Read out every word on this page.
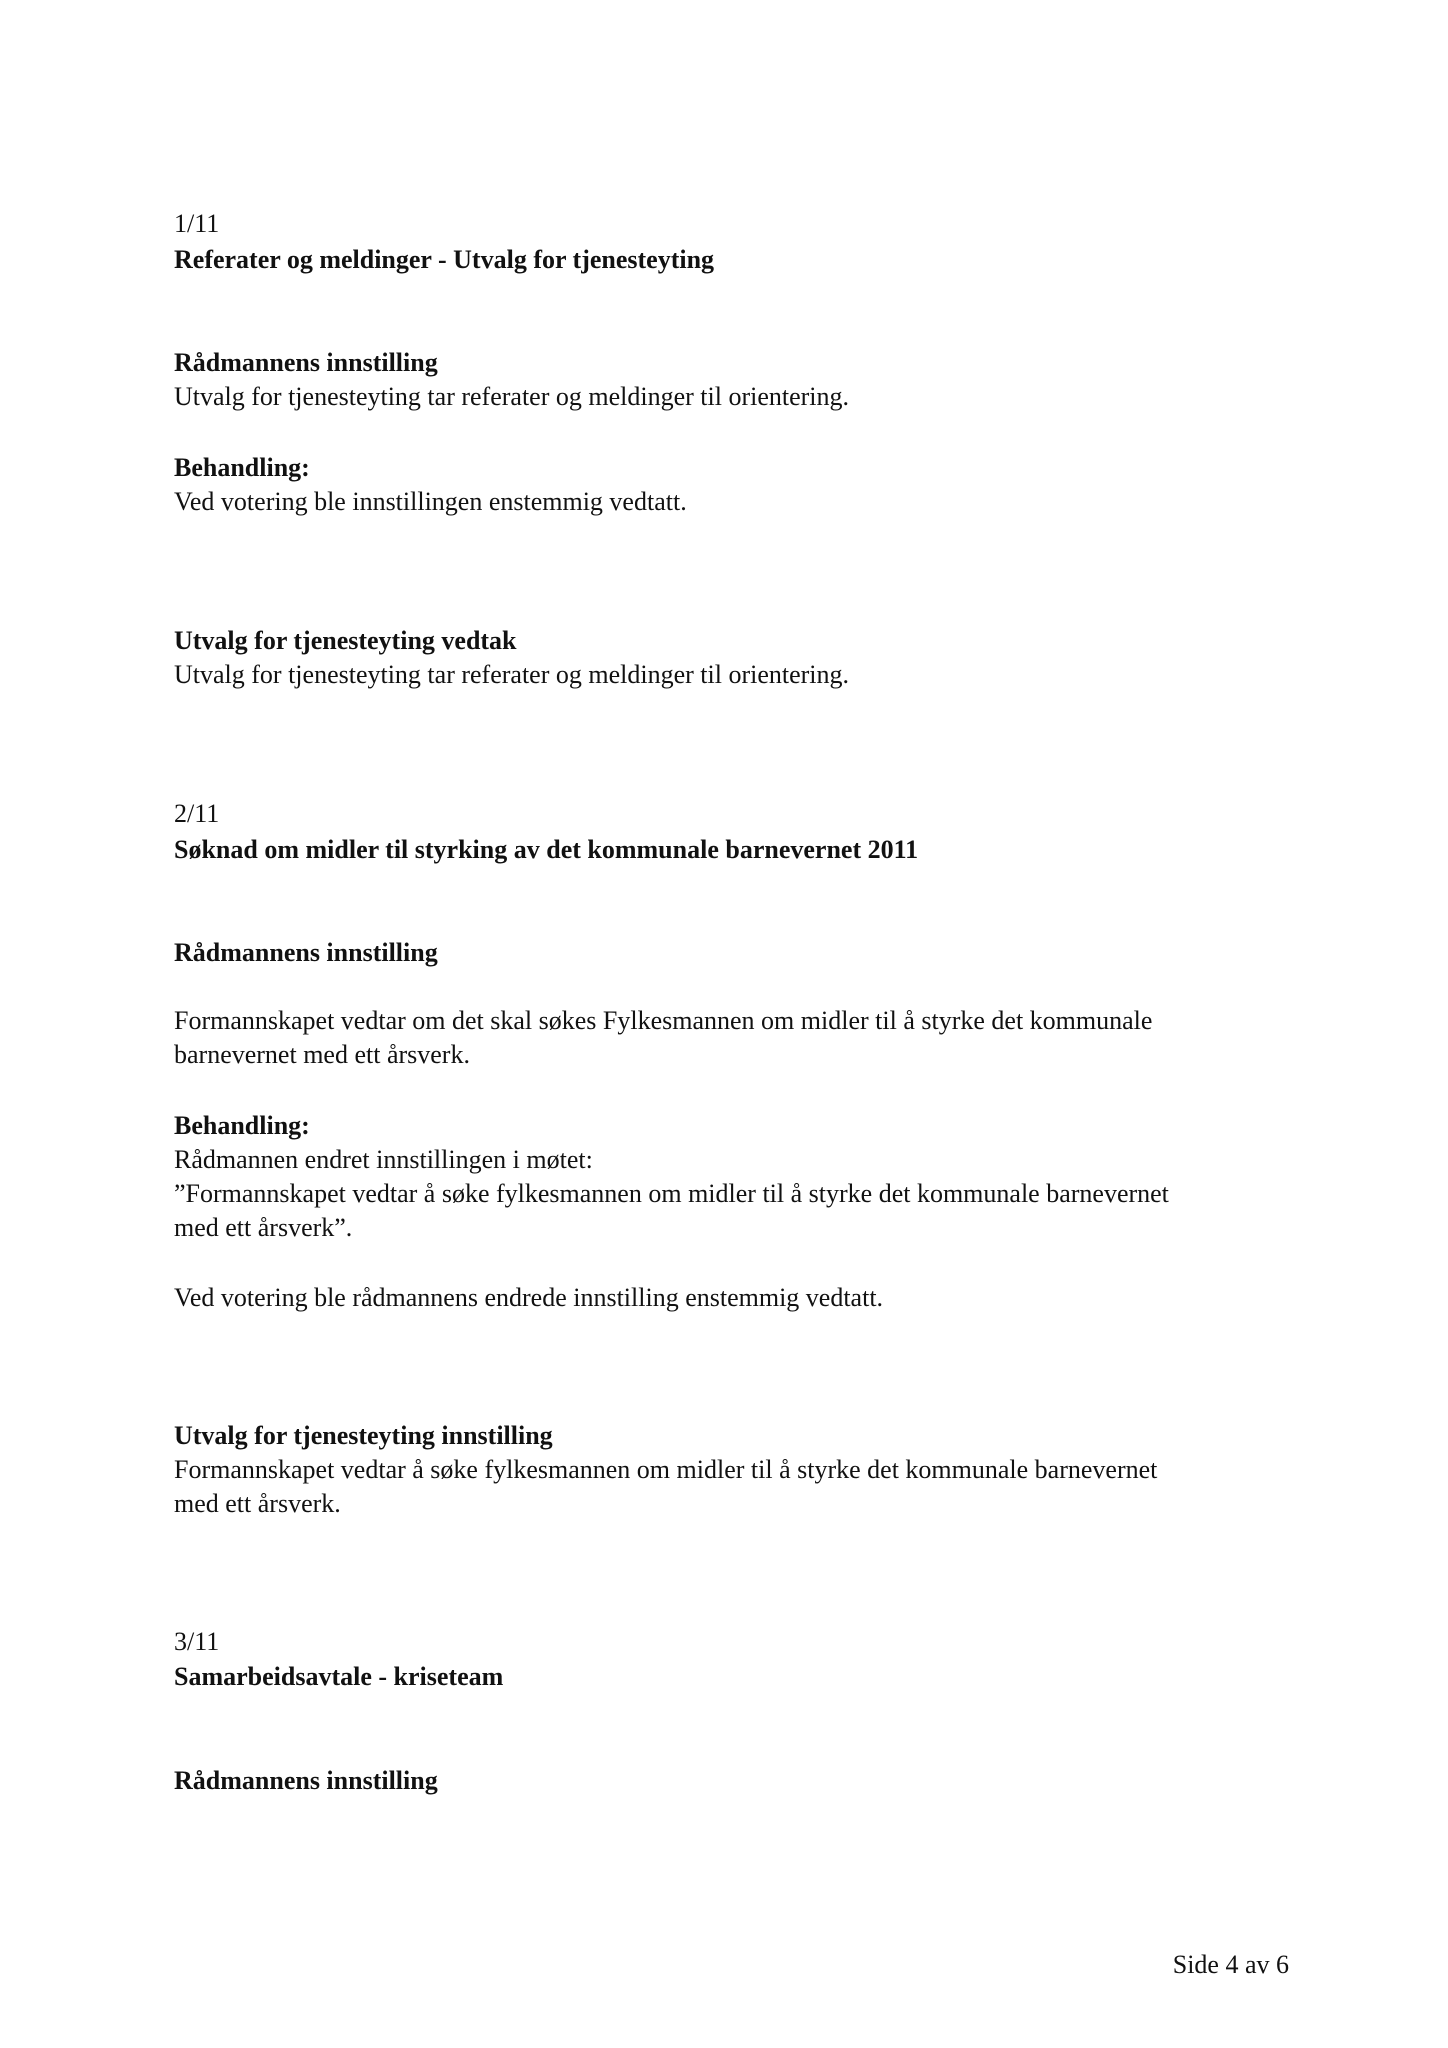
1/11
Referater og meldinger - Utvalg for tjenesteyting
Rådmannens innstilling
Utvalg for tjenesteyting tar referater og meldinger til orientering.
Behandling:
Ved votering ble innstillingen enstemmig vedtatt.
Utvalg for tjenesteyting vedtak
Utvalg for tjenesteyting tar referater og meldinger til orientering.
2/11
Søknad om midler til styrking av det kommunale barnevernet 2011
Rådmannens innstilling
Formannskapet vedtar om det skal søkes Fylkesmannen om midler til å styrke det kommunale
barnevernet med ett årsverk.
Behandling:
Rådmannen endret innstillingen i møtet:
”Formannskapet vedtar å søke fylkesmannen om midler til å styrke det kommunale barnevernet
med ett årsverk”.
Ved votering ble rådmannens endrede innstilling enstemmig vedtatt.
Utvalg for tjenesteyting innstilling
Formannskapet vedtar å søke fylkesmannen om midler til å styrke det kommunale barnevernet
med ett årsverk.
3/11
Samarbeidsavtale - kriseteam
Rådmannens innstilling
Side 4 av 6
